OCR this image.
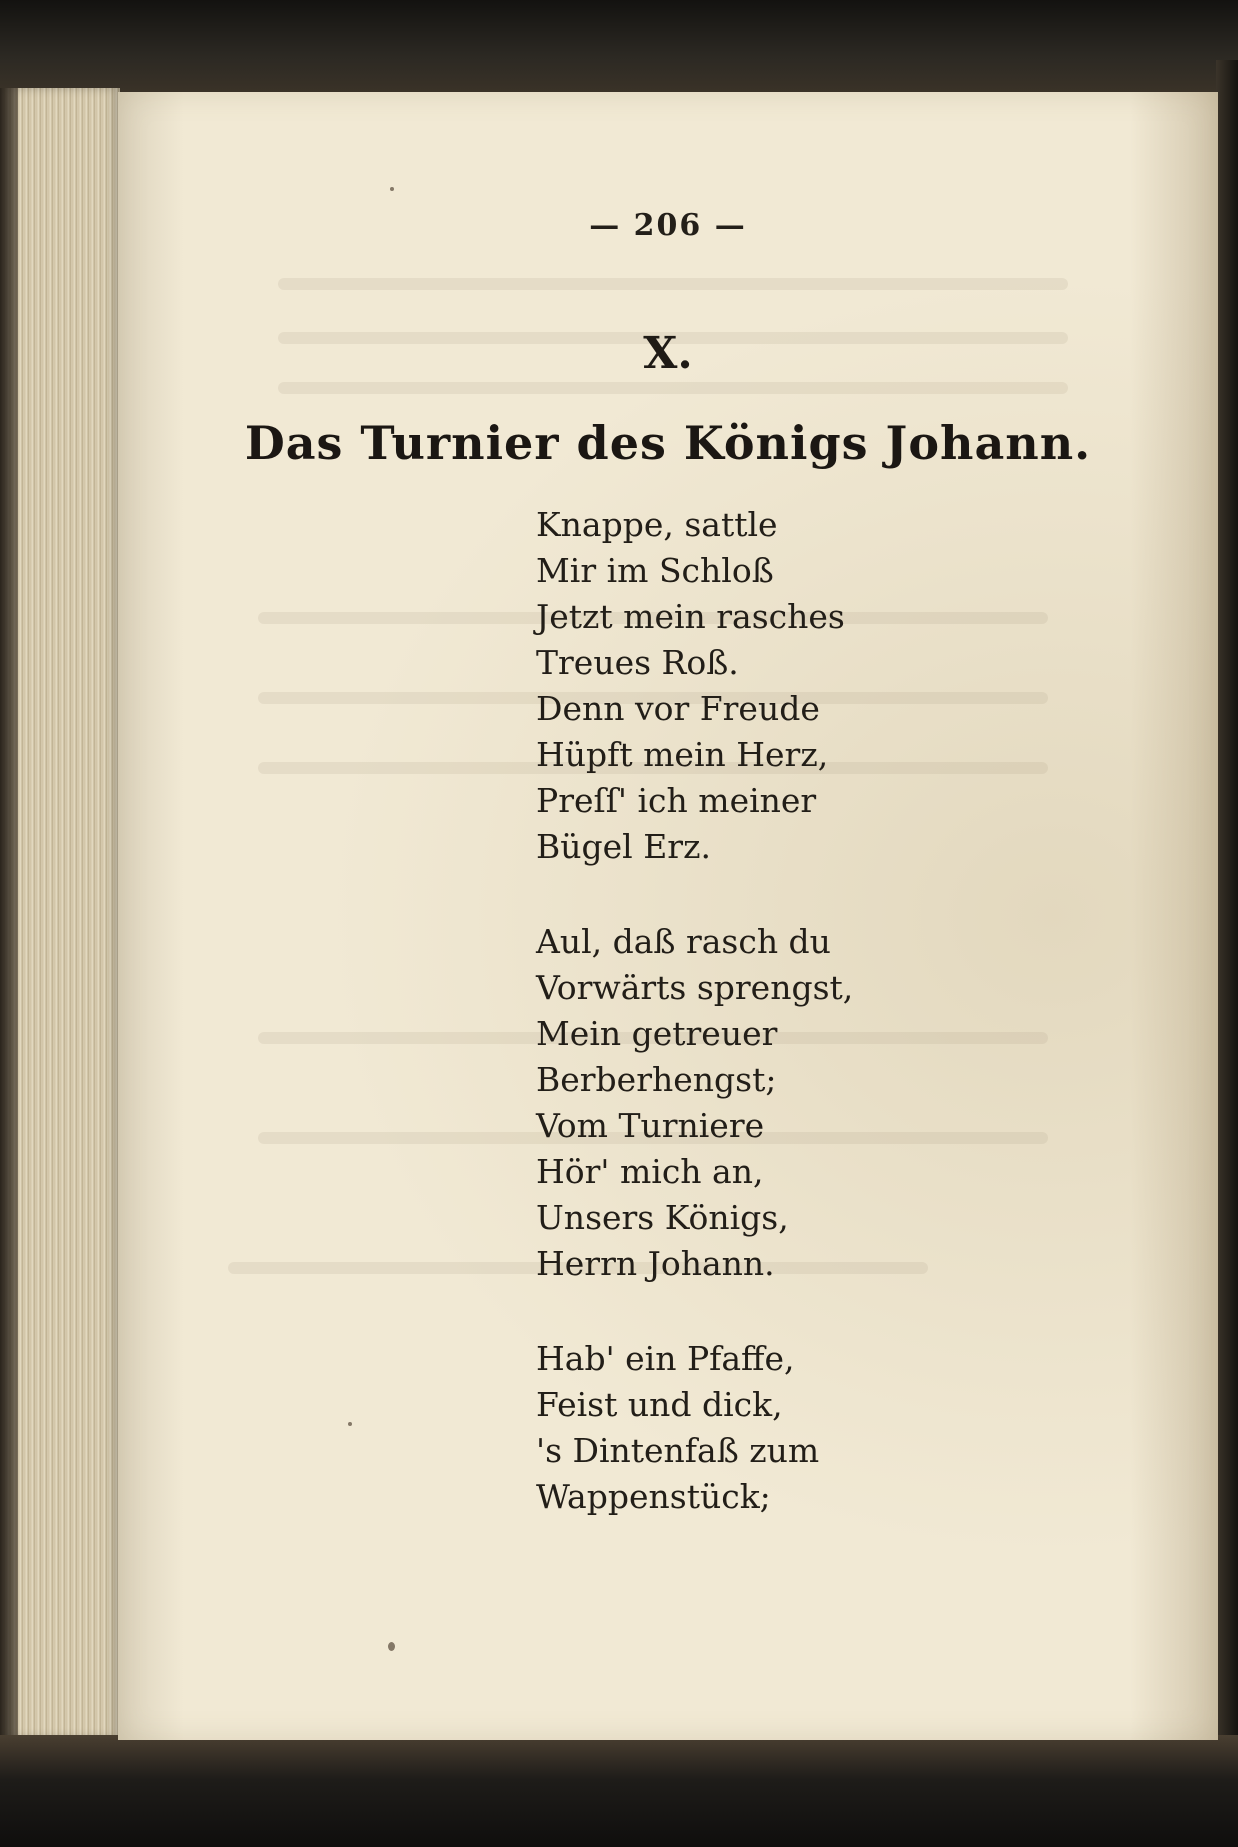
— 206 —
X.
Das Turnier des Königs Johann.
Knappe, sattle
Mir im Schloß
Jetzt mein rasches
Treues Roß.
Denn vor Freude
Hüpft mein Herz,
Preſſ' ich meiner
Bügel Erz.
Aul, daß rasch du
Vorwärts sprengst,
Mein getreuer
Berberhengst;
Vom Turniere
Hör' mich an,
Unsers Königs,
Herrn Johann.
Hab' ein Pfaffe,
Feist und dick,
's Dintenfaß zum
Wappenstück;
